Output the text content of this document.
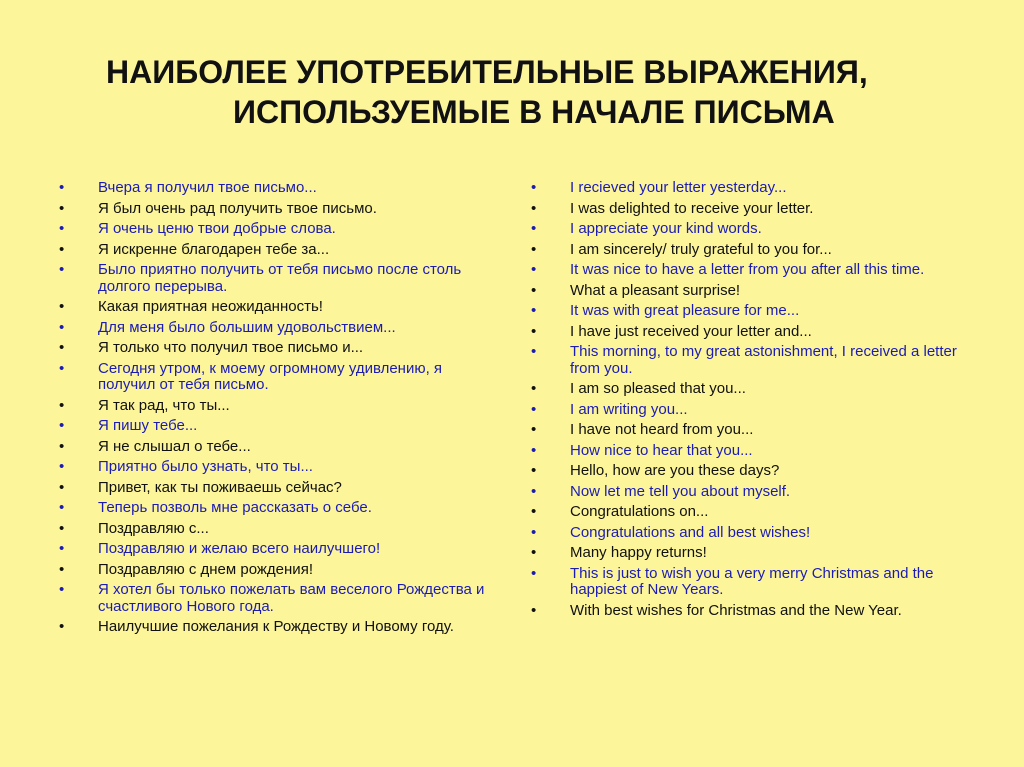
НАИБОЛЕЕ УПОТРЕБИТЕЛЬНЫЕ ВЫРАЖЕНИЯ,
ИСПОЛЬЗУЕМЫЕ В НАЧАЛЕ ПИСЬМА
• Вчера я получил твое письмо...
• Я был очень рад получить твое письмо.
• Я очень ценю твои добрые слова.
• Я искренне благодарен тебе за...
• Было приятно получить от тебя письмо после столь долгого перерыва.
• Какая приятная неожиданность!
• Для меня было большим удовольствием...
• Я только что получил твое письмо и...
• Сегодня утром, к моему огромному удивлению, я получил от тебя письмо.
• Я так рад, что ты...
• Я пишу тебе...
• Я не слышал о тебе...
• Приятно было узнать, что ты...
• Привет, как ты поживаешь сейчас?
• Теперь позволь мне рассказать о себе.
• Поздравляю с...
• Поздравляю и желаю всего наилучшего!
• Поздравляю с днем рождения!
• Я хотел бы только пожелать вам веселого Рождества и счастливого Нового года.
• Наилучшие пожелания к Рождеству и Новому году.
• I recieved your letter yesterday...
• I was delighted to receive your letter.
• I appreciate your kind words.
• I am sincerely/ truly grateful to you for...
• It was nice to have a letter from you after all this time.
• What a pleasant surprise!
• It was with great pleasure for me...
• I have just received your letter and...
• This morning, to my great astonishment, I received a letter from you.
• I am so pleased that you...
• I am writing you...
• I have not heard from you...
• How nice to hear that you...
• Hello, how are you these days?
• Now let me tell you about myself.
• Congratulations on...
• Congratulations and all best wishes!
• Many happy returns!
• This is just to wish you a very merry Christmas and the happiest of New Years.
• With best wishes for Christmas and the New Year.
